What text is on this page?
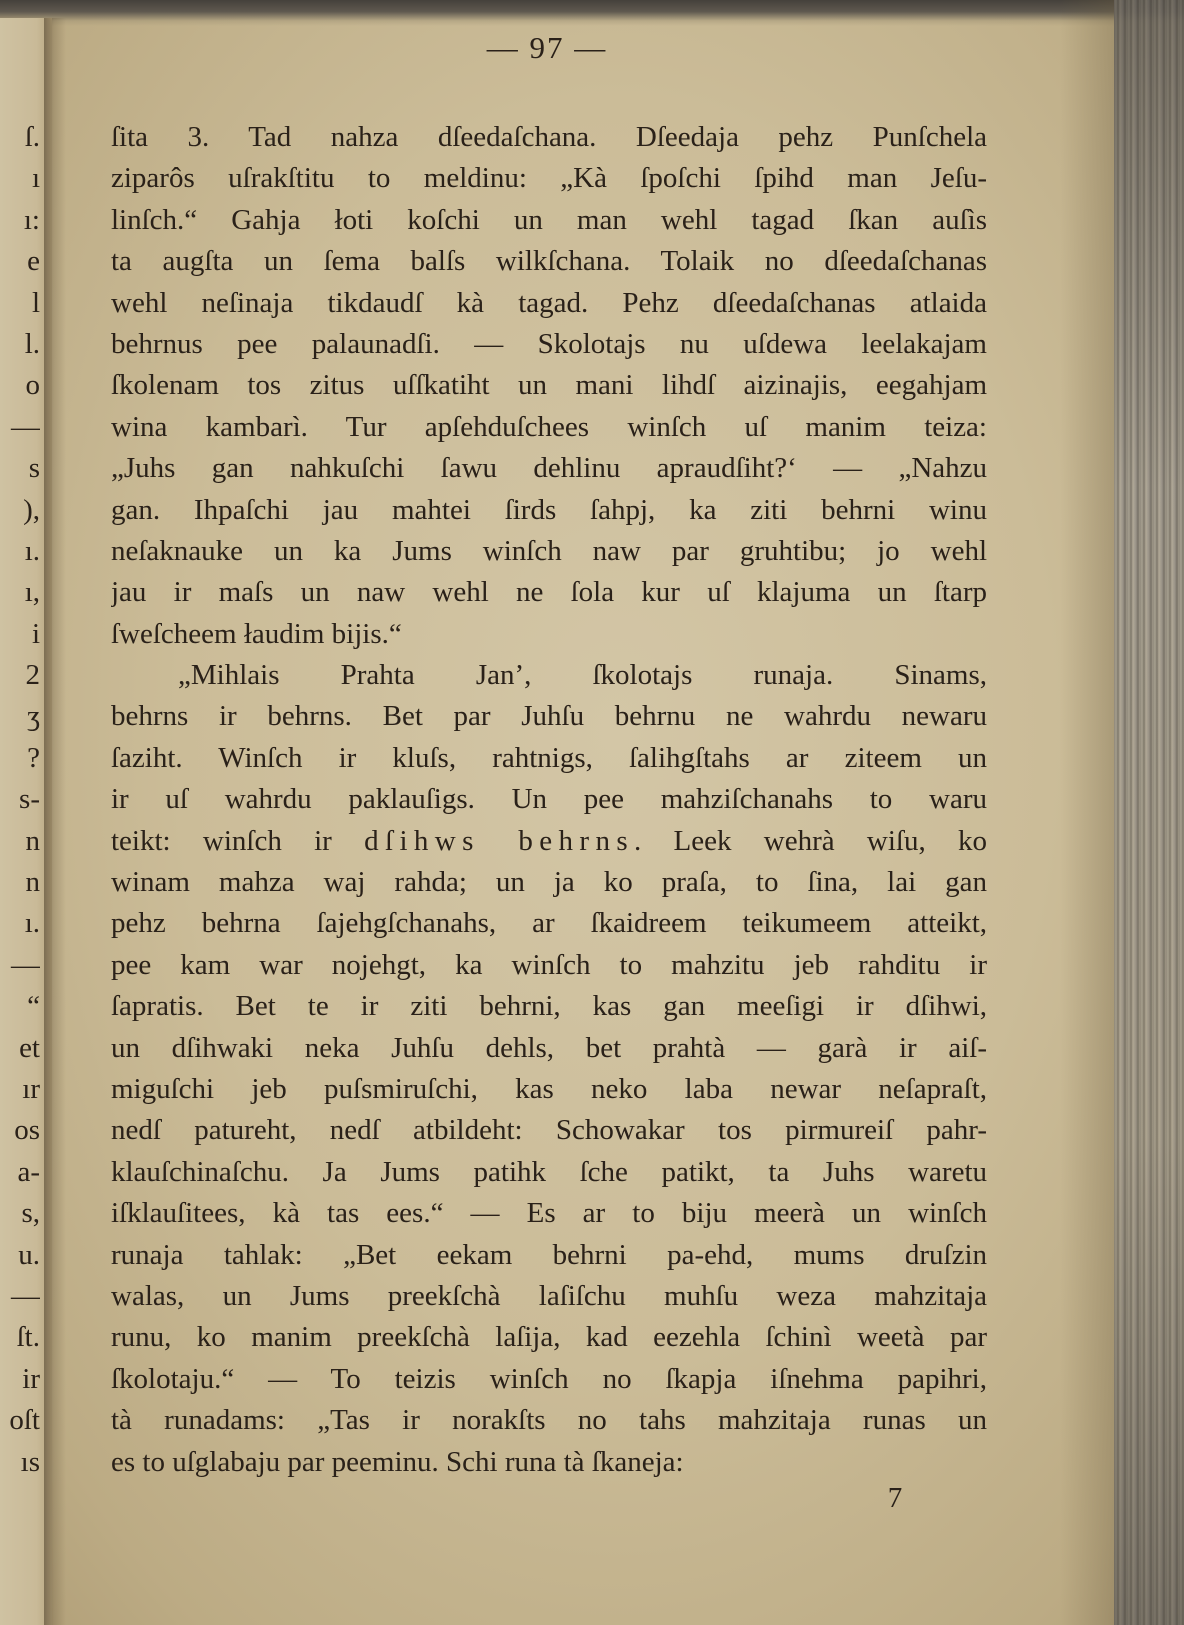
ſ.
ı
ı:
e
l
l.
o
—
s
),
ı.
ı,
i
2
ʒ
?
s-
n
n
ı.
—
“
et
ır
os
a-
s,
u.
—
ſt.
ir
oſt
ıs
— 97 —
ſita 3. Tad nahza dſeedaſchana. Dſeedaja pehz Punſchela
ziparôs uſrakſtitu to meldinu: „Kà ſpoſchi ſpihd man Jeſu-
linſch.“ Gahja łoti koſchi un man wehl tagad ſkan auſìs
ta augſta un ſema balſs wilkſchana. Tolaik no dſeedaſchanas
wehl neſinaja tikdaudſ kà tagad. Pehz dſeedaſchanas atlaida
behrnus pee palaunadſi. — Skolotajs nu uſdewa leelakajam
ſkolenam tos zitus uſſkatiht un mani lihdſ aizinajis, eegahjam
wina kambarì. Tur apſehduſchees winſch uſ manim teiza:
„Juhs gan nahkuſchi ſawu dehlinu apraudſiht?‘ — „Nahzu
gan. Ihpaſchi jau mahtei ſirds ſahpj, ka ziti behrni winu
neſaknauke un ka Jums winſch naw par gruhtibu; jo wehl
jau ir maſs un naw wehl ne ſola kur uſ klajuma un ſtarp
ſweſcheem łaudim bijis.“
„Mihlais Prahta Jan’, ſkolotajs runaja. Sinams,
behrns ir behrns. Bet par Juhſu behrnu ne wahrdu newaru
ſaziht. Winſch ir kluſs, rahtnigs, ſalihgſtahs ar ziteem un
ir uſ wahrdu paklauſigs. Un pee mahziſchanahs to waru
teikt: winſch ir dſihws behrns. Leek wehrà wiſu, ko
winam mahza waj rahda; un ja ko praſa, to ſina, lai gan
pehz behrna ſajehgſchanahs, ar ſkaidreem teikumeem atteikt,
pee kam war nojehgt, ka winſch to mahzitu jeb rahditu ir
ſapratis. Bet te ir ziti behrni, kas gan meeſigi ir dſihwi,
un dſihwaki neka Juhſu dehls, bet prahtà — garà ir aiſ-
miguſchi jeb puſsmiruſchi, kas neko laba newar neſapraſt,
nedſ patureht, nedſ atbildeht: Schowakar tos pirmureiſ pahr-
klauſchinaſchu. Ja Jums patihk ſche patikt, ta Juhs waretu
iſklauſitees, kà tas ees.“ — Es ar to biju meerà un winſch
runaja tahlak: „Bet eekam behrni pa-ehd, mums druſzin
walas, un Jums preekſchà laſiſchu muhſu weza mahzitaja
runu, ko manim preekſchà laſija, kad eezehla ſchinì weetà par
ſkolotaju.“ — To teizis winſch no ſkapja iſnehma papihri,
tà runadams: „Tas ir norakſts no tahs mahzitaja runas un
es to uſglabaju par peeminu. Schi runa tà ſkaneja:
7
